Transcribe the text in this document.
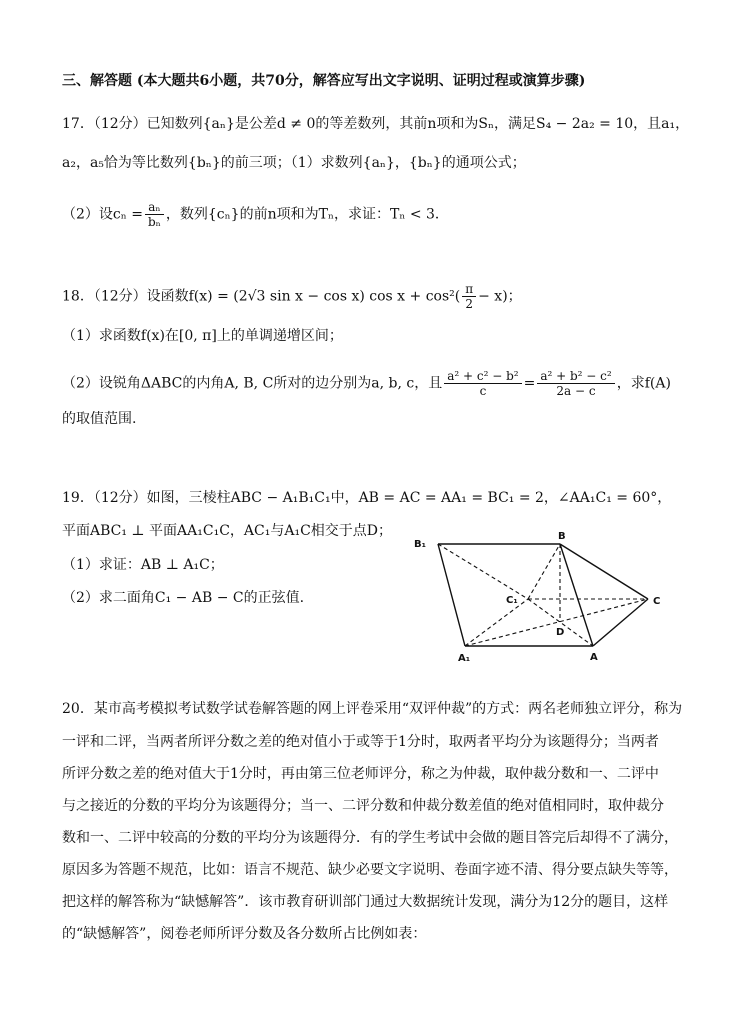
三、解答题 (本大题共6小题，共70分，解答应写出文字说明、证明过程或演算步骤)
17．（12分）已知数列{aₙ}是公差d ≠ 0的等差数列，其前n项和为Sₙ，满足S₄ − 2a₂ = 10，且a₁，
a₂，a₅恰为等比数列{bₙ}的前三项；（1）求数列{aₙ}，{bₙ}的通项公式；
（2）设$c_n = \frac{\text{aₙ}}{\text{bₙ}}$ ，数列{cₙ}的前n项和为Tₙ，求证：Tₙ < 3．
18．（12分）设函数f(x) = (2√3 sin x − cos x) $\cos x + \cos^2( \frac{\pi}{2} - x)$；
（1）求函数f(x)在[0, π]上的单调递增区间；
（2）设锐角ΔABC的内角A, B, C所对的边分别为a, b, c，且 $\frac{\text{a² + c² − b²}}{c} = \frac{\text{a² + b² − c²}}{2a - c}$ ，求f(A)
的取值范围.
19．（12分）如图，三棱柱ABC − A₁B₁C₁中，AB = AC = AA₁ = BC₁ = 2，∠AA₁C₁ = 60°，
平面ABC₁ ⊥ 平面AA₁C₁C，AC₁与A₁C相交于点D；
（1）求证：AB ⊥ A₁C；
（2）求二面角C₁ − AB − C的正弦值.
B₁
B
C₁	C
D
A₁	A
20．某市高考模拟考试数学试卷解答题的网上评卷采用“双评仲裁”的方式：两名老师独立评分，称为
一评和二评，当两者所评分数之差的绝对值小于或等于1分时，取两者平均分为该题得分；当两者
所评分数之差的绝对值大于1分时，再由第三位老师评分，称之为仲裁，取仲裁分数和一、二评中
与之接近的分数的平均分为该题得分；当一、二评分数和仲裁分数差值的绝对值相同时，取仲裁分
数和一、二评中较高的分数的平均分为该题得分．有的学生考试中会做的题目答完后却得不了满分，
原因多为答题不规范，比如：语言不规范、缺少必要文字说明、卷面字迹不清、得分要点缺失等等，
把这样的解答称为“缺憾解答”．该市教育研训部门通过大数据统计发现，满分为12分的题目，这样
的“缺憾解答”，阅卷老师所评分数及各分数所占比例如表：
